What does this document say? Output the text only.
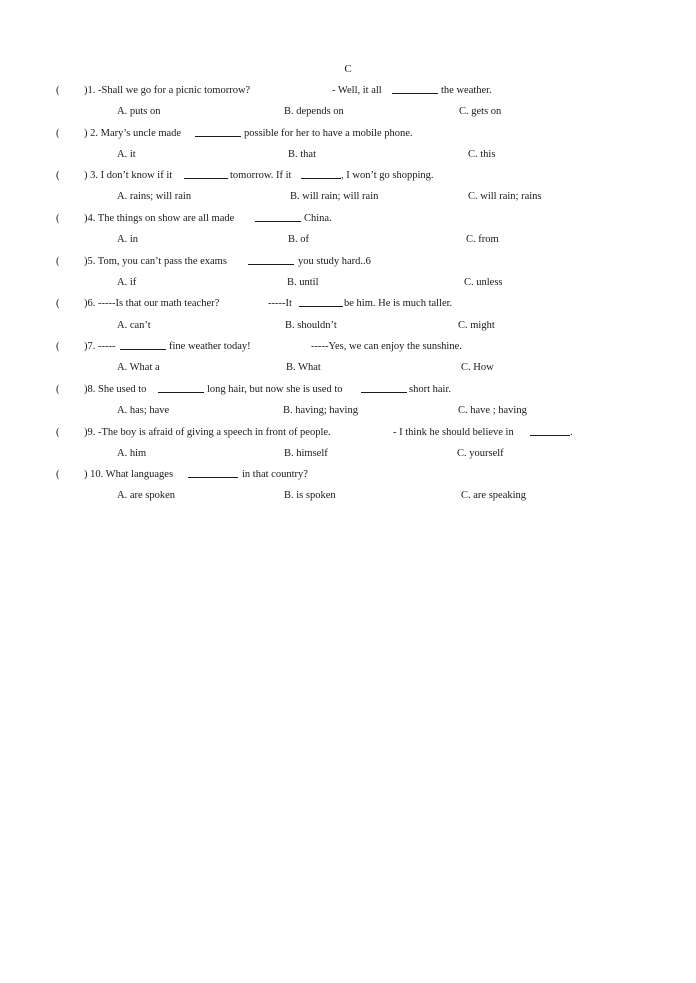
C
( )1. -Shall we go for a picnic tomorrow?	- Well, it all	the weather.
A. puts on	B. depends on	C. gets on
( ) 2. Mary’s uncle made	possible for her to have a mobile phone.
A. it	B. that	C. this
( ) 3. I don’t know if it	tomorrow. If it	, I won’t go shopping.
A. rains; will rain	B. will rain; will rain	C. will rain; rains
( )4. The things on show are all made	China.
A. in	B. of	C. from
( )5. Tom, you can’t pass the exams	you study hard..6
A. if	B. until	C. unless
( )6. -----Is that our math teacher?	-----It	be him. He is much taller.
A. can’t	B. shouldn’t	C. might
( )7. -----	fine weather today!	-----Yes, we can enjoy the sunshine.
A. What a	B. What	C. How
( )8. She used to	long hair, but now she is used to	short hair.
A. has; have	B. having; having	C. have ; having
( )9. -The boy is afraid of giving a speech in front of people.	- I think he should believe in	.
A. him	B. himself	C. yourself
( ) 10. What languages	in that country?
A. are spoken	B. is spoken	C. are speaking
